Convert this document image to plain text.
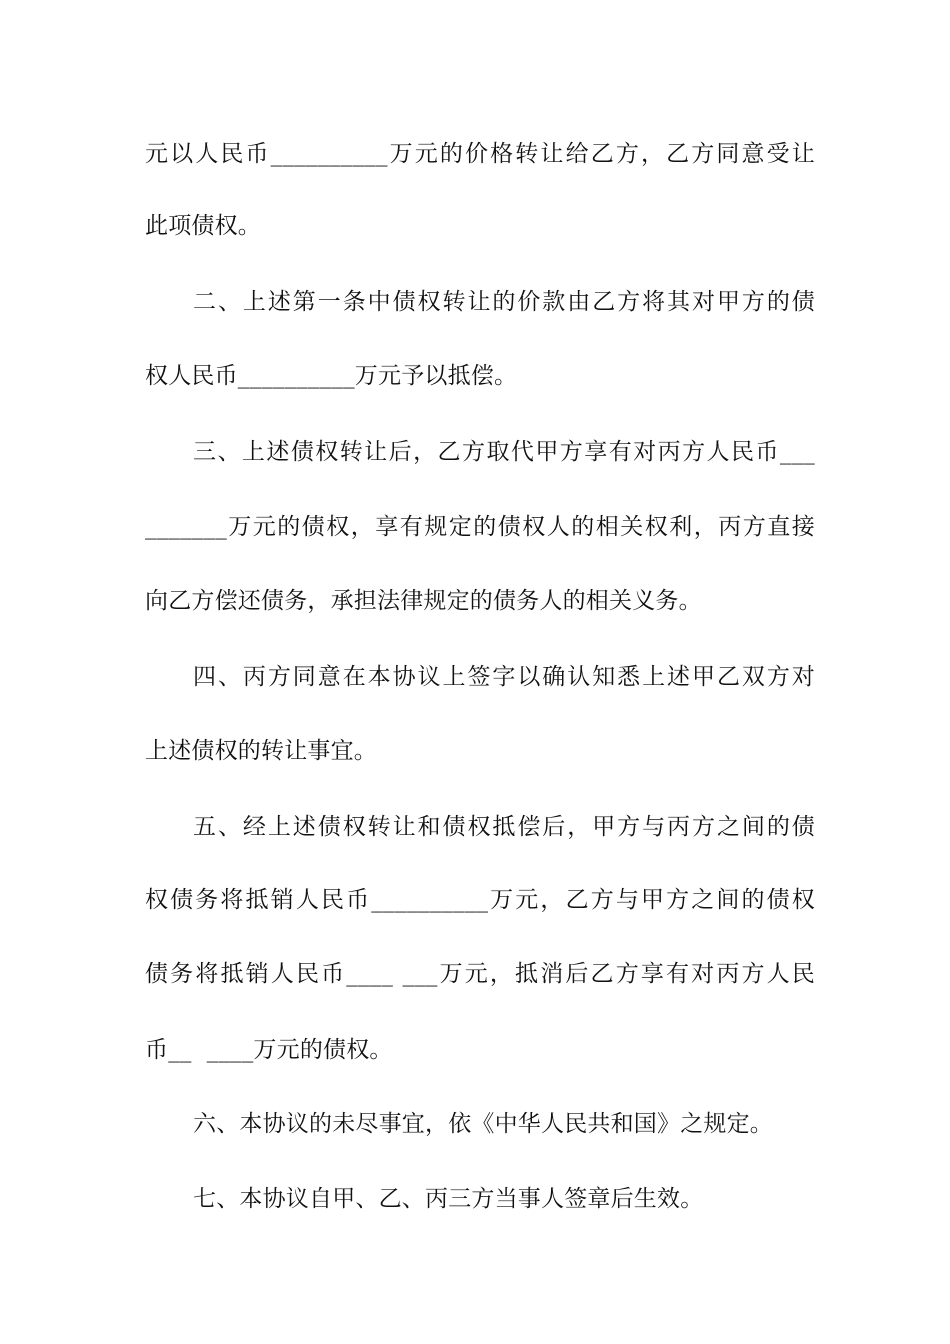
元以人民币__________万元的价格转让给乙方，乙方同意受让
此项债权。
二、上述第一条中债权转让的价款由乙方将其对甲方的债
权人民币__________万元予以抵偿。
三、上述债权转让后，乙方取代甲方享有对丙方人民币___
_______万元的债权，享有规定的债权人的相关权利，丙方直接
向乙方偿还债务，承担法律规定的债务人的相关义务。
四、丙方同意在本协议上签字以确认知悉上述甲乙双方对
上述债权的转让事宜。
五、经上述债权转让和债权抵偿后，甲方与丙方之间的债
权债务将抵销人民币__________万元，乙方与甲方之间的债权
债务将抵销人民币____ ___万元，抵消后乙方享有对丙方人民
币__  ____万元的债权。
六、本协议的未尽事宜，依《中华人民共和国》之规定。
七、本协议自甲、乙、丙三方当事人签章后生效。
